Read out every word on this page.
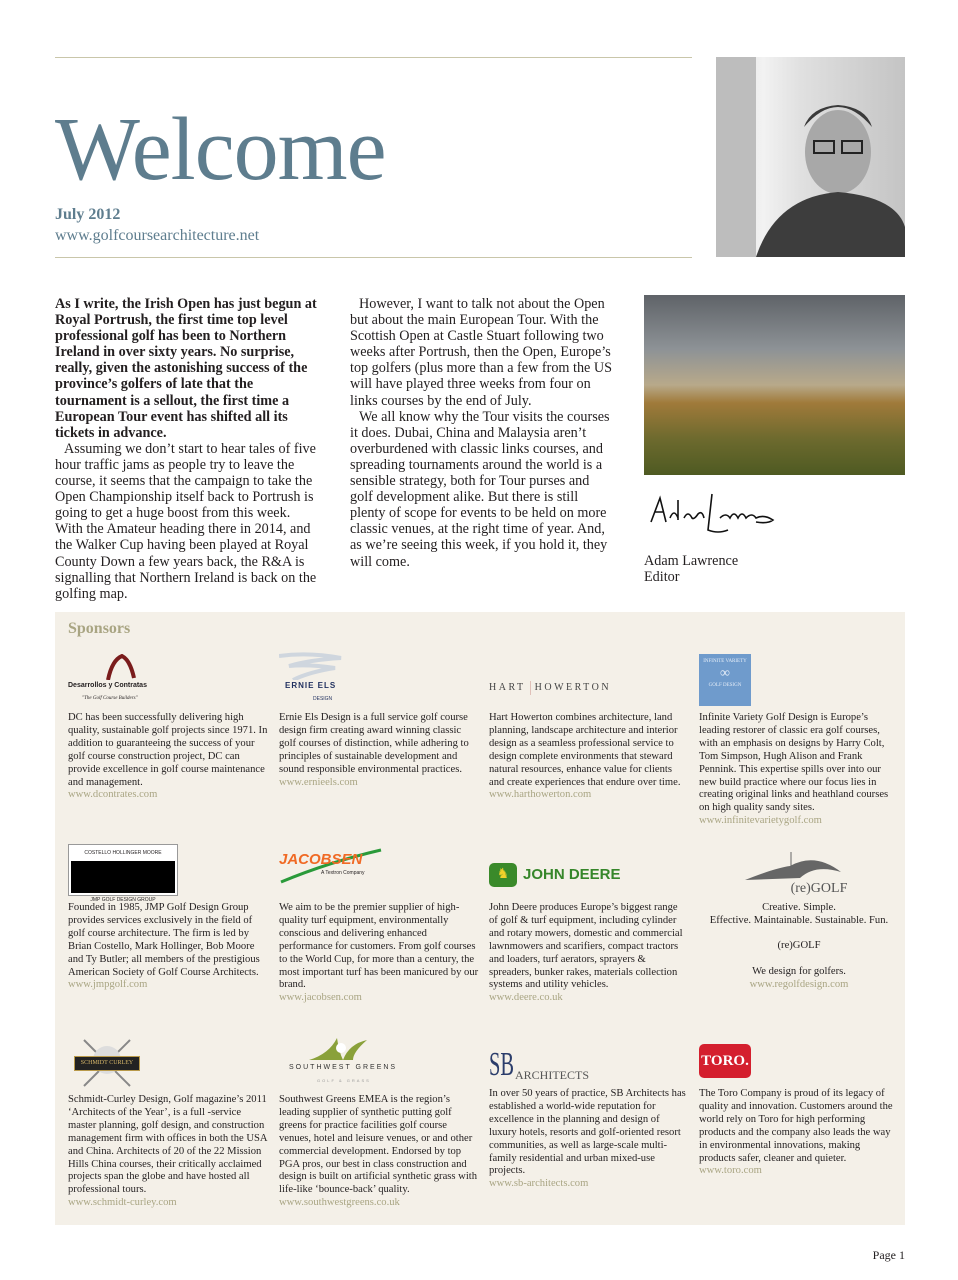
Welcome
July 2012
www.golfcoursearchitecture.net

As I write, the Irish Open has just begun at Royal Portrush, the first time top level professional golf has been to Northern Ireland in over sixty years. No surprise, really, given the astonishing success of the province’s golfers of late that the tournament is a sellout, the first time a European Tour event has shifted all its tickets in advance.

Assuming we don’t start to hear tales of five hour traffic jams as people try to leave the course, it seems that the campaign to take the Open Championship itself back to Portrush is going to get a huge boost from this week. With the Amateur heading there in 2014, and the Walker Cup having been played at Royal County Down a few years back, the R&A is signalling that Northern Ireland is back on the golfing map.

However, I want to talk not about the Open but about the main European Tour. With the Scottish Open at Castle Stuart following two weeks after Portrush, then the Open, Europe’s top golfers (plus more than a few from the US will have played three weeks from four on links courses by the end of July.

We all know why the Tour visits the courses it does. Dubai, China and Malaysia aren’t overburdened with classic links courses, and spreading tournaments around the world is a sensible strategy, both for Tour purses and golf development alike. But there is still plenty of scope for events to be held on more classic venues, at the right time of year. And, as we’re seeing this week, if you hold it, they will come.	Adam Lawrence
Editor
Sponsors
Desarrollos y Contratas
"The Golf Course Builders"
DC has been successfully delivering high quality, sustainable golf projects since 1971. In addition to guaranteeing the success of your golf course construction project, DC can provide excellence in golf course maintenance and management.
www.dcontrates.com
ERNIE ELS
DESIGN
Ernie Els Design is a full service golf course design firm creating award winning classic golf courses of distinction, while adhering to principles of sustainable development and sound responsible environmental practices.
www.ernieels.com
HART HOWERTON
Hart Howerton combines architecture, land planning, landscape architecture and interior design as a seamless professional service to design complete environments that steward natural resources, enhance value for clients and create experiences that endure over time.
www.harthowerton.com
INFINITE VARIETY
∞
GOLF DESIGN
Infinite Variety Golf Design is Europe’s leading restorer of classic era golf courses, with an emphasis on designs by Harry Colt, Tom Simpson, Hugh Alison and Frank Pennink. This expertise spills over into our new build practice where our focus lies in creating original links and heathland courses on high quality sandy sites.
www.infinitevarietygolf.com
COSTELLO HOLLINGER MOORE
JMP GOLF DESIGN GROUP
Founded in 1985, JMP Golf Design Group provides services exclusively in the field of golf course architecture. The firm is led by Brian Costello, Mark Hollinger, Bob Moore and Ty Butler; all members of the prestigious American Society of Golf Course Architects.
www.jmpgolf.com
JACOBSEN
A Textron Company
We aim to be the premier supplier of high-quality turf equipment, environmentally conscious and delivering enhanced performance for customers. From golf courses to the World Cup, for more than a century, the most important turf has been manicured by our brand.
www.jacobsen.com
♞ JOHN DEERE
John Deere produces Europe’s biggest range of golf & turf equipment, including cylinder and rotary mowers, domestic and commercial lawnmowers and scarifiers, compact tractors and loaders, turf aerators, sprayers & spreaders, bunker rakes, materials collection systems and utility vehicles.
www.deere.co.uk
(re)GOLF
Creative. Simple.
Effective. Maintainable. Sustainable. Fun.
(re)GOLF
We design for golfers.
www.regolfdesign.com
SCHMIDT CURLEY
Schmidt-Curley Design, Golf magazine’s 2011 ‘Architects of the Year’, is a full -service master planning, golf design, and construction management firm with offices in both the USA and China. Architects of 20 of the 22 Mission Hills China courses, their critically acclaimed projects span the globe and have hosted all professional tours.
www.schmidt-curley.com
SOUTHWEST GREENS
GOLF & GRASS
Southwest Greens EMEA is the region’s leading supplier of synthetic putting golf greens for practice facilities golf course venues, hotel and leisure venues, or and other commercial development. Endorsed by top PGA pros, our best in class construction and design is built on artificial synthetic grass with life-like ‘bounce-back’ quality.
www.southwestgreens.co.uk
SB ARCHITECTS
In over 50 years of practice, SB Architects has established a world-wide reputation for excellence in the planning and design of luxury hotels, resorts and golf-oriented resort communities, as well as large-scale multi-family residential and urban mixed-use projects.
www.sb-architects.com
TORO.
The Toro Company is proud of its legacy of quality and innovation. Customers around the world rely on Toro for high performing products and the company also leads the way in environmental innovations, making products safer, cleaner and quieter.
www.toro.com
Page 1
